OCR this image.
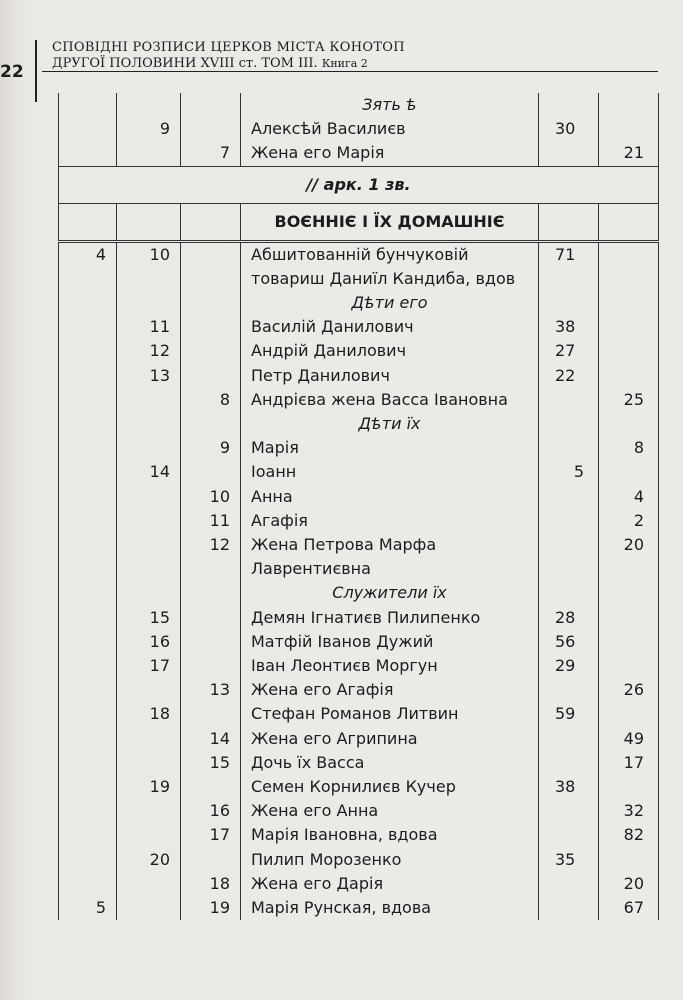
22
СПОВІДНІ РОЗПИСИ ЦЕРКОВ МІСТА КОНОТОП
ДРУГОЇ ПОЛОВИНИ XVIII ст. ТОМ ІІІ. Книга 2
			Зять ѣ		
	9		Алексѣй Василиєв	30	
		7	Жена его Марія		21
// арк. 1 зв.					
			ВОЄННІЄ І ЇХ ДОМАШНІЄ		

4	10		Абшитованній бунчуковій товариш Даниїл Кандиба, вдов	71	
			Дѣти его		
	11		Василій Данилович	38	
	12		Андрій Данилович	27	
	13		Петр Данилович	22	
		8	Андрієва жена Васса Івановна		25
			Дѣти їх		
		9	Марія		8
	14		Іоанн	5	
		10	Анна		4
		11	Агафія		2
		12	Жена Петрова Марфа Лаврентиєвна		20
			Служители їх		
	15		Демян Ігнатиєв Пилипенко	28	
	16		Матфій Іванов Дужий	56	
	17		Іван Леонтиєв Моргун	29	
		13	Жена его Агафія		26
	18		Стефан Романов Литвин	59	
		14	Жена его Агрипина		49
		15	Дочь їх Васса		17
	19		Семен Корнилиєв Кучер	38	
		16	Жена его Анна		32
		17	Марія Івановна, вдова		82
	20		Пилип Морозенко	35	
		18	Жена его Дарія		20
5		19	Марія Рунская, вдова		67
